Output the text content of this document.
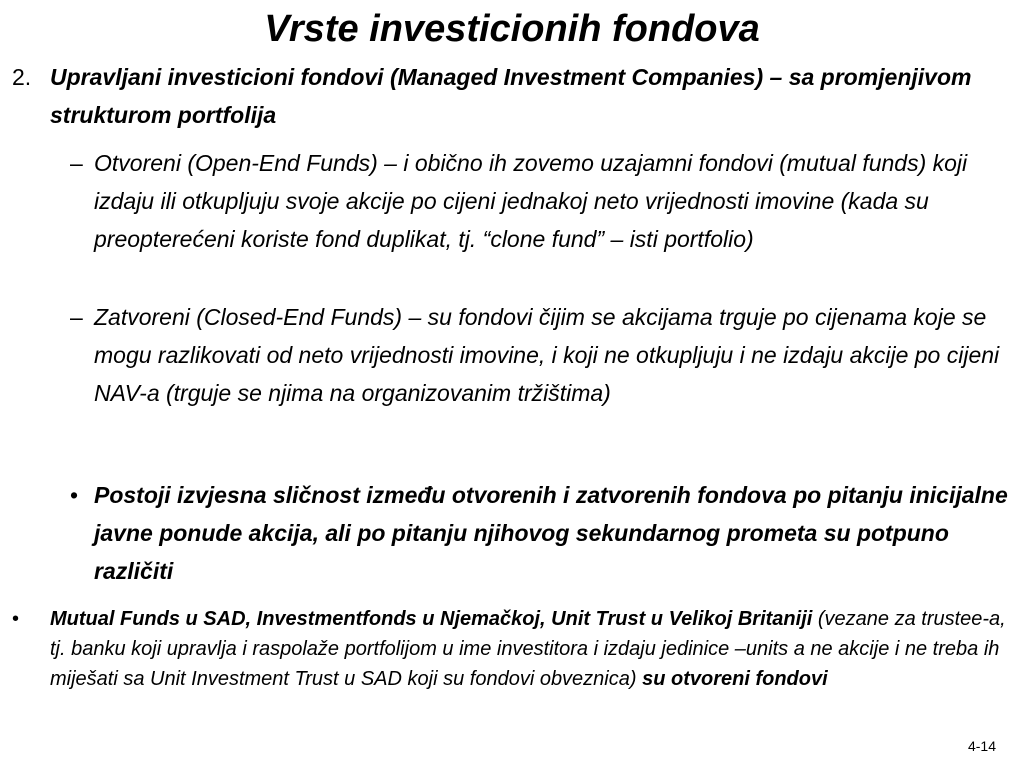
Vrste investicionih fondova
2. Upravljani investicioni fondovi (Managed Investment Companies) – sa promjenjivom strukturom portfolija
– Otvoreni (Open-End Funds) – i obično ih zovemo uzajamni fondovi (mutual funds) koji izdaju ili otkupljuju svoje akcije po cijeni jednakoj neto vrijednosti imovine (kada su preopterećeni koriste fond duplikat, tj. “clone fund” – isti portfolio)
– Zatvoreni (Closed-End Funds) – su fondovi čijim se akcijama trguje po cijenama koje se mogu razlikovati od neto vrijednosti imovine, i koji ne otkupljuju i ne izdaju akcije po cijeni NAV-a (trguje se njima na organizovanim tržištima)
• Postoji izvjesna sličnost između otvorenih i zatvorenih fondova po pitanju inicijalne javne ponude akcija, ali po pitanju njihovog sekundarnog prometa su potpuno različiti
• Mutual Funds u SAD, Investmentfonds u Njemačkoj, Unit Trust u Velikoj Britaniji (vezane za trustee-a, tj. banku koji upravlja i raspolaže portfolijom u ime investitora i izdaju jedinice –units a ne akcije i ne treba ih miješati sa Unit Investment Trust u SAD koji su fondovi obveznica) su otvoreni fondovi
4-14
